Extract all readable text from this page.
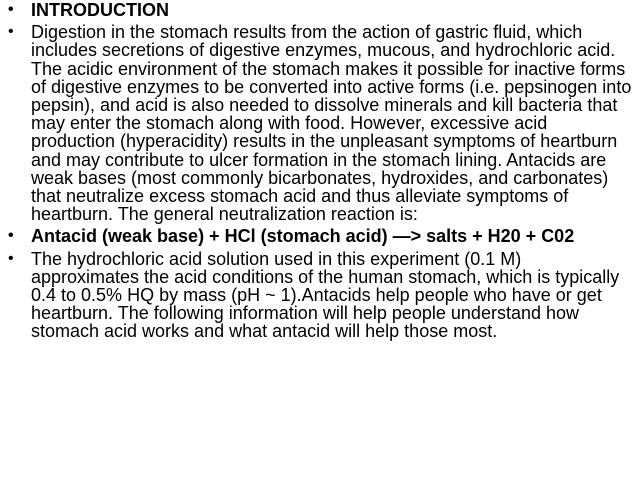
• INTRODUCTION
• Digestion in the stomach results from the action of gastric fluid, which includes secretions of digestive enzymes, mucous, and hydrochloric acid. The acidic environment of the stomach makes it possible for inactive forms of digestive enzymes to be converted into active forms (i.e. pepsinogen into pepsin), and acid is also needed to dissolve minerals and kill bacteria that may enter the stomach along with food. However, excessive acid production (hyperacidity) results in the unpleasant symptoms of heartburn and may contribute to ulcer formation in the stomach lining. Antacids are weak bases (most commonly bicarbonates, hydroxides, and carbonates) that neutralize excess stomach acid and thus alleviate symptoms of heartburn. The general neutralization reaction is:
• Antacid (weak base) + HCl (stomach acid) —> salts + H20 + C02
• The hydrochloric acid solution used in this experiment (0.1 M) approximates the acid conditions of the human stomach, which is typically 0.4 to 0.5% HQ by mass (pH ~ 1).Antacids help people who have or get heartburn. The following information will help people understand how stomach acid works and what antacid will help those most.
